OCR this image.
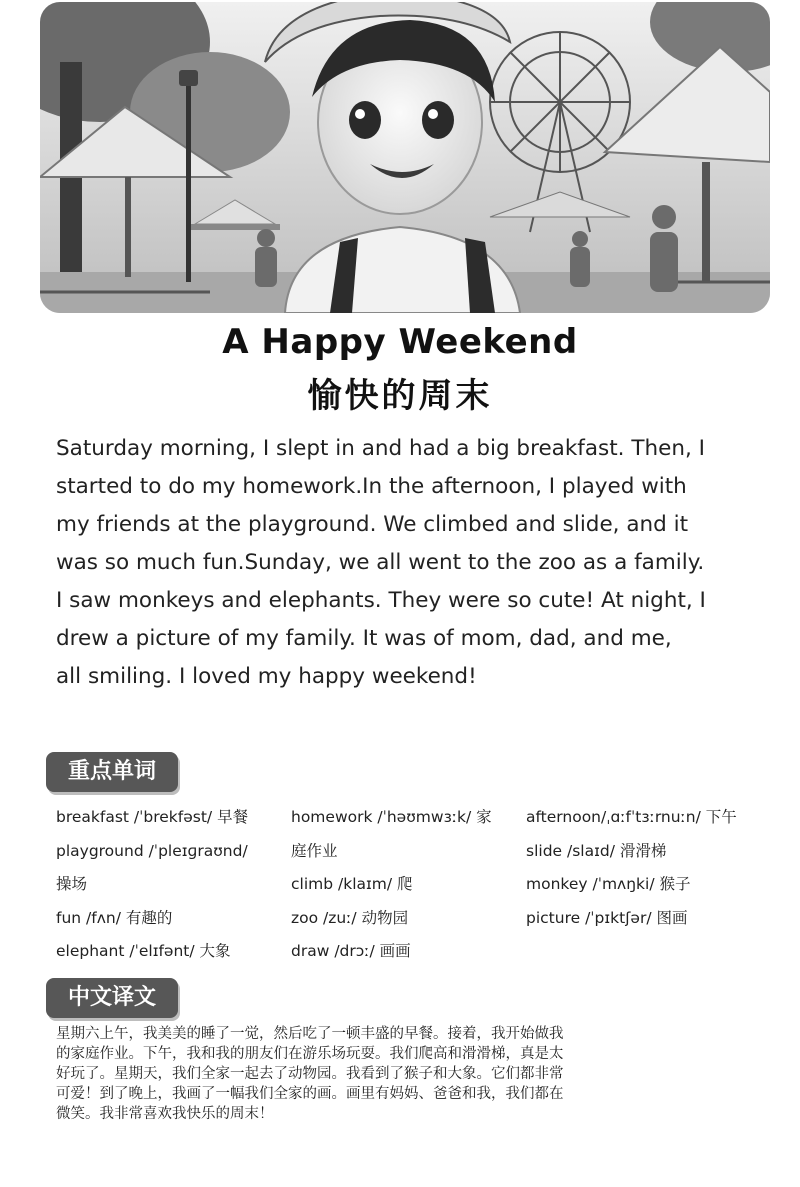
A Happy Weekend
愉快的周末
Saturday morning, I slept in and had a big breakfast. Then, I
started to do my homework.In the afternoon, I played with
my friends at the playground. We climbed and slide, and it
was so much fun.Sunday, we all went to the zoo as a family.
I saw monkeys and elephants. They were so cute! At night, I
drew a picture of my family. It was of mom, dad, and me,
all smiling. I loved my happy weekend!
重点单词
breakfast /ˈbrekfəst/ 早餐
playground /ˈpleɪɡraʊnd/
操场
fun /fʌn/ 有趣的
elephant /ˈelɪfənt/ 大象
homework /ˈhəʊmwɜːk/ 家
庭作业
climb /klaɪm/ 爬
zoo /zuː/ 动物园
draw /drɔː/ 画画
afternoon/ˌɑːfˈtɜːrnuːn/ 下午
slide /slaɪd/ 滑滑梯
monkey /ˈmʌŋki/ 猴子
picture /ˈpɪktʃər/ 图画
中文译文
星期六上午，我美美的睡了一觉，然后吃了一顿丰盛的早餐。接着，我开始做我
的家庭作业。下午，我和我的朋友们在游乐场玩耍。我们爬高和滑滑梯，真是太
好玩了。星期天，我们全家一起去了动物园。我看到了猴子和大象。它们都非常
可爱！到了晚上，我画了一幅我们全家的画。画里有妈妈、爸爸和我，我们都在
微笑。我非常喜欢我快乐的周末！
